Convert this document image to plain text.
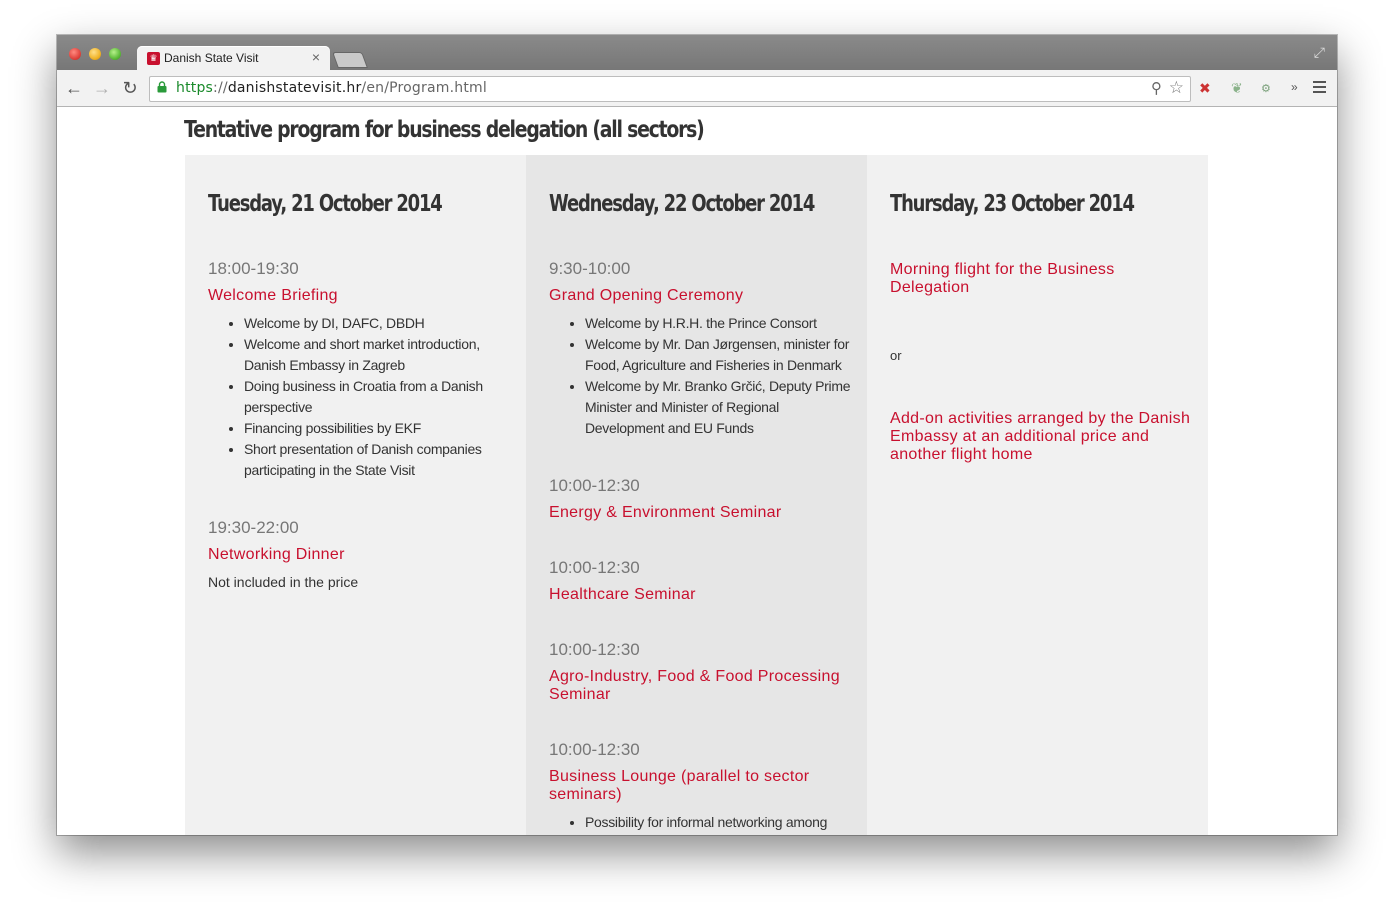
♛ Danish State Visit	×	⤢
← → ↻	https://danishstatevisit.hr/en/Program.html	⚲ ☆ ✖ ❦ ⚙ »
Tentative program for business delegation (all sectors)
Tuesday, 21 October 2014

18:00-19:30

Welcome Briefing
• Welcome by DI, DAFC, DBDH
• Welcome and short market introduction, Danish Embassy in Zagreb
• Doing business in Croatia from a Danish perspective
• Financing possibilities by EKF
• Short presentation of Danish companies participating in the State Visit

19:30-22:00

Networking Dinner

Not included in the price

Wednesday, 22 October 2014

9:30-10:00

Grand Opening Ceremony
• Welcome by H.R.H. the Prince Consort
• Welcome by Mr. Dan Jørgensen, minister for Food, Agriculture and Fisheries in Denmark
• Welcome by Mr. Branko Grčić, Deputy Prime Minister and Minister of Regional Development and EU Funds

10:00-12:30

Energy & Environment Seminar

10:00-12:30

Healthcare Seminar

10:00-12:30

Agro-Industry, Food & Food Processing Seminar

10:00-12:30

Business Lounge (parallel to sector seminars)
• Possibility for informal networking among
Thursday, 23 October 2014
Morning flight for the Business Delegation
or
Add-on activities arranged by the Danish Embassy at an additional price and another flight home
